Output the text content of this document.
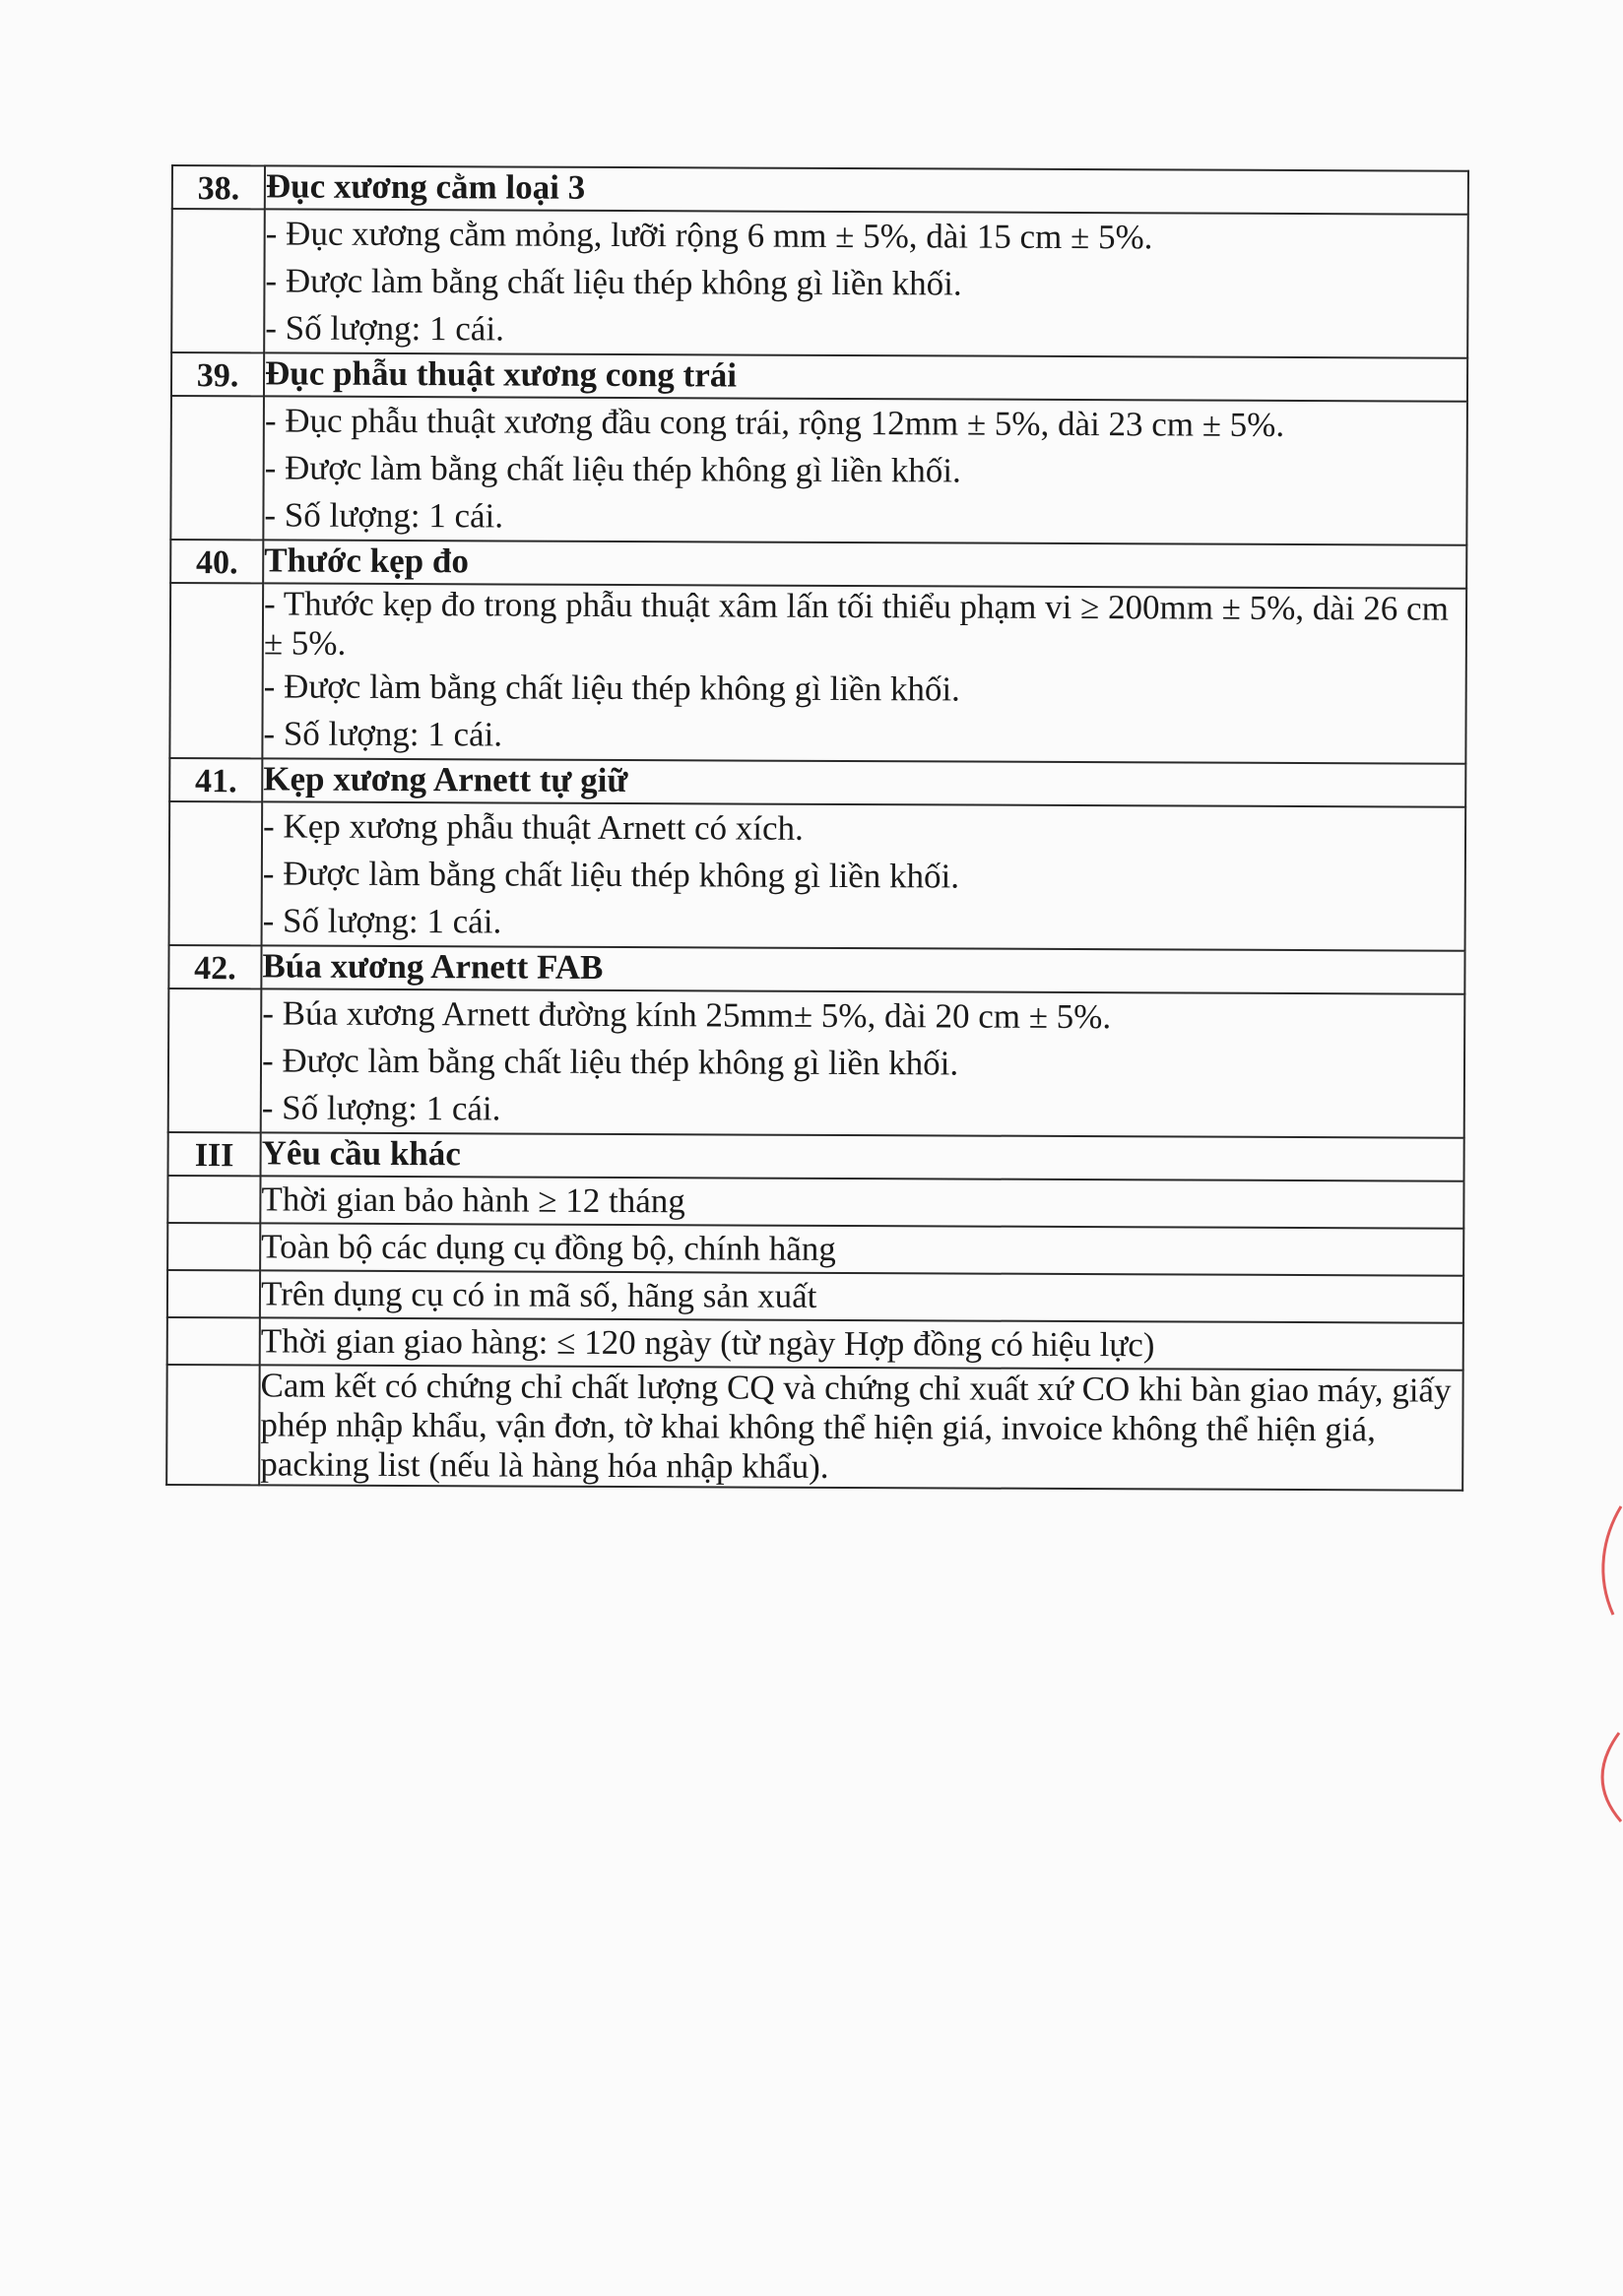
38.	Đục xương cằm loại 3

	- Đục xương cằm mỏng, lưỡi rộng 6 mm ± 5%, dài 15 cm ± 5%.
- Được làm bằng chất liệu thép không gì liền khối.
- Số lượng: 1 cái.

39.	Đục phẫu thuật xương cong trái

	- Đục phẫu thuật xương đầu cong trái, rộng 12mm ± 5%, dài 23 cm ± 5%.
- Được làm bằng chất liệu thép không gì liền khối.
- Số lượng: 1 cái.

40.	Thước kẹp đo

	- Thước kẹp đo trong phẫu thuật xâm lấn tối thiểu phạm vi ≥ 200mm ± 5%, dài 26 cm ± 5%.
- Được làm bằng chất liệu thép không gì liền khối.
- Số lượng: 1 cái.

41.	Kẹp xương Arnett tự giữ

	- Kẹp xương phẫu thuật Arnett có xích.
- Được làm bằng chất liệu thép không gì liền khối.
- Số lượng: 1 cái.

42.	Búa xương Arnett FAB

	- Búa xương Arnett đường kính 25mm± 5%, dài 20 cm ± 5%.
- Được làm bằng chất liệu thép không gì liền khối.
- Số lượng: 1 cái.

III	Yêu cầu khác
	Thời gian bảo hành ≥ 12 tháng
	Toàn bộ các dụng cụ đồng bộ, chính hãng
	Trên dụng cụ có in mã số, hãng sản xuất
	Thời gian giao hàng: ≤ 120 ngày (từ ngày Hợp đồng có hiệu lực)
	Cam kết có chứng chỉ chất lượng CQ và chứng chỉ xuất xứ CO khi bàn giao máy, giấy phép nhập khẩu, vận đơn, tờ khai không thể hiện giá, invoice không thể hiện giá, packing list (nếu là hàng hóa nhập khẩu).
